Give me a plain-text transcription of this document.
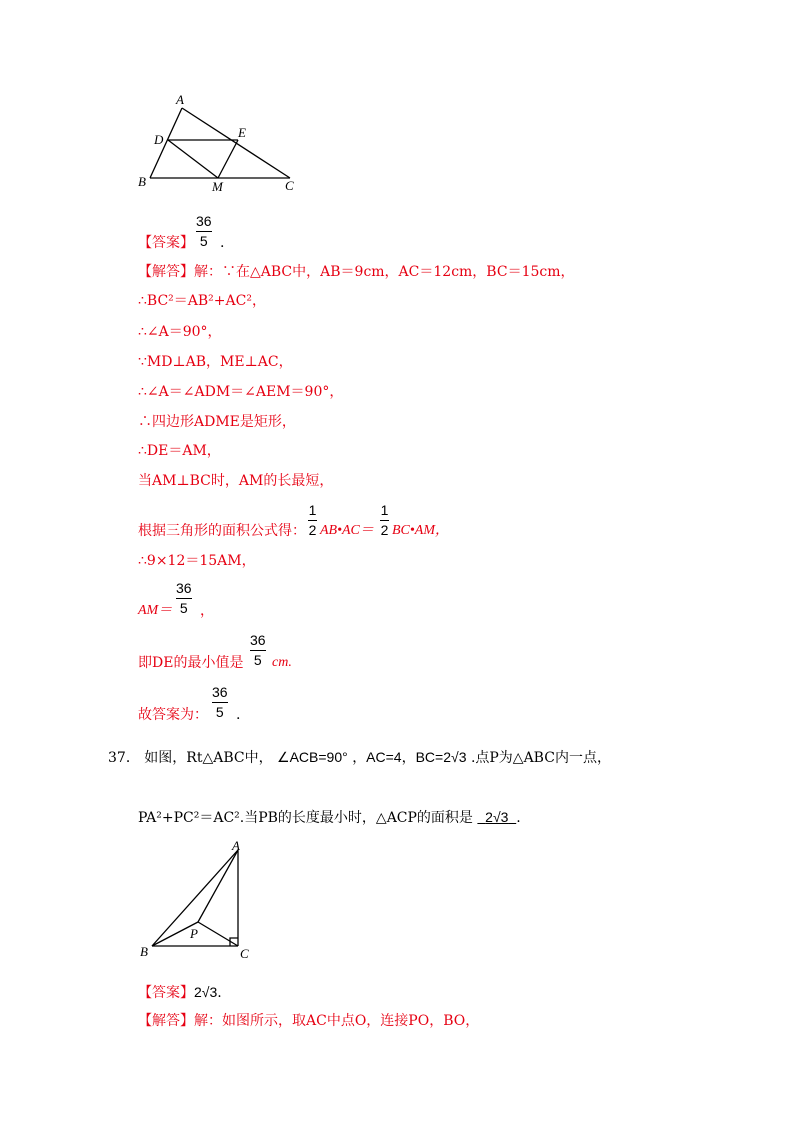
A
D	E
B	M	C
【答案】
36
5 .
【解答】解：∵在△ABC中，AB＝9cm，AC＝12cm，BC＝15cm，
∴BC²＝AB²+AC²，
∴∠A＝90°，
∵MD⊥AB，ME⊥AC，
∴∠A＝∠ADM＝∠AEM＝90°，
∴四边形ADME是矩形，
∴DE＝AM，
当AM⊥BC时，AM的长最短，
根据三角形的面积公式得：
1
2 AB•AC＝
1
2 BC•AM，
∴9×12＝15AM，
AM＝
36
5 ，
即DE的最小值是
36
5 cm.
故答案为：
36
5 .
37． 如图，Rt△ABC中， ∠ACB=90° ，AC=4，BC=2√3 .点P为△ABC内一点，
PA²+PC²＝AC².当PB的长度最小时，△ACP的面积是 2√3 .
A
P
B	C
【答案】2√3.
【解答】解：如图所示，取AC中点O，连接PO，BO，
